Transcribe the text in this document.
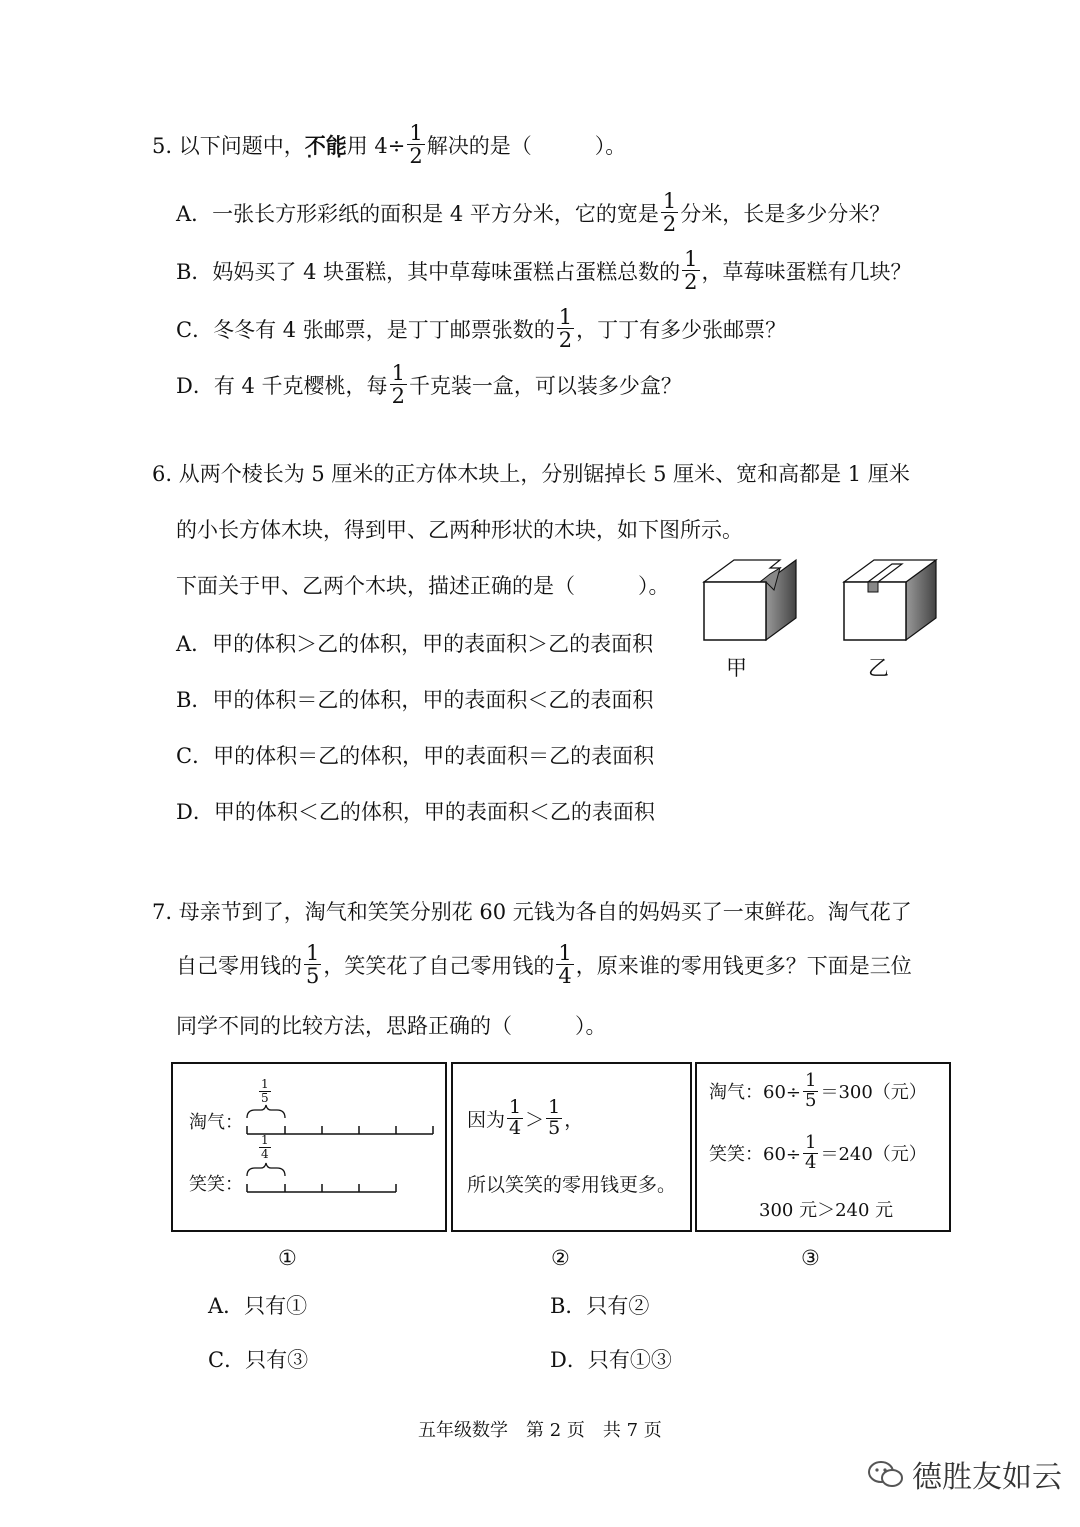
5. 以下问题中， 不能 · · 用 $4\div \frac{1}{2}$ 解决的是（　　　）。
A．一张长方形彩纸的面积是 4 平方分米，它的宽是 $\frac{1}{2}$ 分米，长是多少分米？
B．妈妈买了 4 块蛋糕，其中草莓味蛋糕占蛋糕总数的 $\frac{1}{2}$ ，草莓味蛋糕有几块？
C．冬冬有 4 张邮票，是丁丁邮票张数的 $\frac{1}{2}$ ，丁丁有多少张邮票？
D．有 4 千克樱桃，每 $\frac{1}{2}$ 千克装一盒，可以装多少盒？
6. 从两个棱长为 5 厘米的正方体木块上，分别锯掉长 5 厘米、宽和高都是 1 厘米
的小长方体木块，得到甲、乙两种形状的木块，如下图所示。
下面关于甲、乙两个木块，描述正确的是（　　　）。
A．甲的体积＞乙的体积，甲的表面积＞乙的表面积
B．甲的体积＝乙的体积，甲的表面积＜乙的表面积
C．甲的体积＝乙的体积，甲的表面积＝乙的表面积
D．甲的体积＜乙的体积，甲的表面积＜乙的表面积
甲	乙
7. 母亲节到了，淘气和笑笑分别花 60 元钱为各自的妈妈买了一束鲜花。淘气花了
自己零用钱的 $\frac{1}{5}$ ，笑笑花了自己零用钱的 $\frac{1}{4}$ ，原来谁的零用钱更多？下面是三位
同学不同的比较方法，思路正确的（　　　）。
淘气：
笑笑：
$\frac{1}{5}$
$\frac{1}{4}$
因为 $\frac{1}{4} > \frac{1}{5}$ ，
所以笑笑的零用钱更多。
淘气：$60\div \frac{1}{5} =300$（元）
笑笑：$60\div \frac{1}{4} =240$（元）
300 元＞240 元
①	②	③
A．只有①	B．只有②
C．只有③	D．只有①③
五年级数学　第 2 页　共 7 页
德胜友如云
